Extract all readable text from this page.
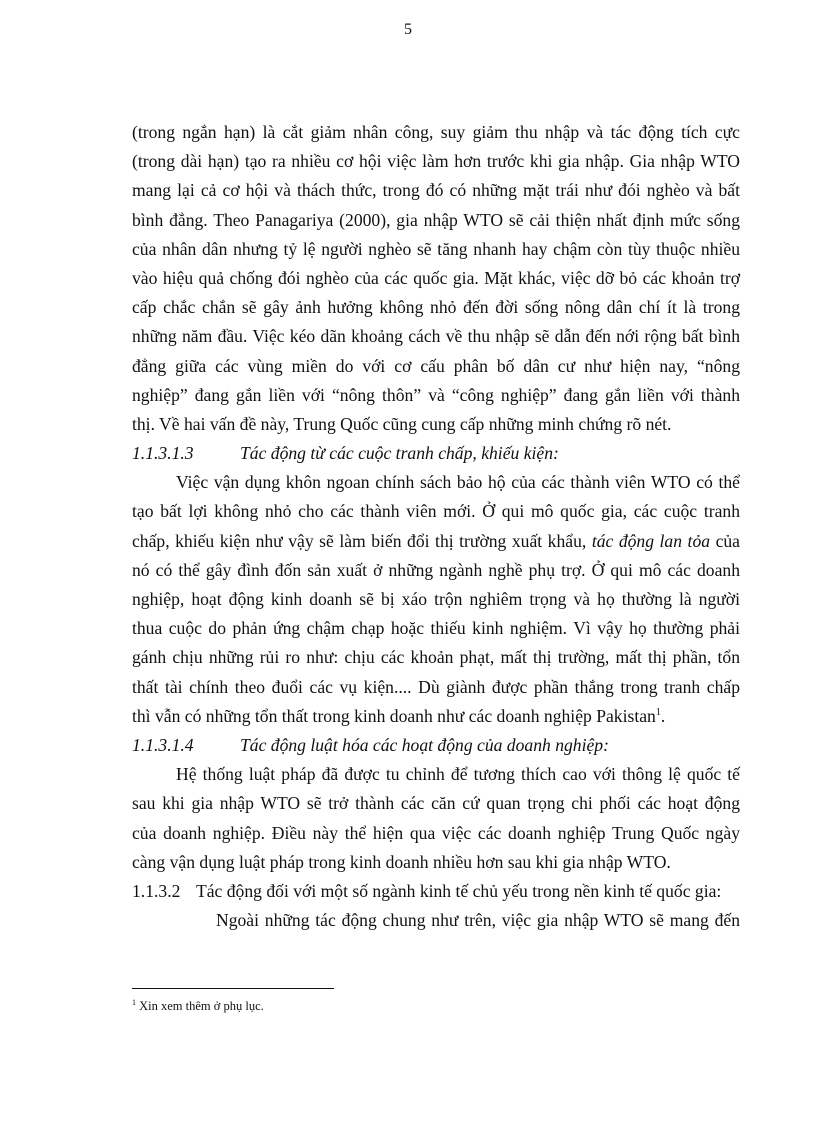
5
(trong ngắn hạn) là cắt giảm nhân công, suy giảm thu nhập và tác động tích cực
(trong dài hạn) tạo ra nhiều cơ hội việc làm hơn trước khi gia nhập. Gia nhập WTO
mang lại cả cơ hội và thách thức, trong đó có những mặt trái như đói nghèo và bất
bình đẳng. Theo Panagariya (2000), gia nhập WTO sẽ cải thiện nhất định mức sống
của nhân dân nhưng tỷ lệ người nghèo sẽ tăng nhanh hay chậm còn tùy thuộc nhiều
vào hiệu quả chống đói nghèo của các quốc gia. Mặt khác, việc dỡ bỏ các khoản trợ
cấp chắc chắn sẽ gây ảnh hưởng không nhỏ đến đời sống nông dân chí ít là trong
những năm đầu. Việc kéo dãn khoảng cách về thu nhập sẽ dẫn đến nới rộng bất bình
đẳng giữa các vùng miền do với cơ cấu phân bố dân cư như hiện nay, “nông
nghiệp” đang gắn liền với “nông thôn” và “công nghiệp” đang gắn liền với thành
thị. Về hai vấn đề này, Trung Quốc cũng cung cấp những minh chứng rõ nét.
1.1.3.1.3	Tác động từ các cuộc tranh chấp, khiếu kiện:
Việc vận dụng khôn ngoan chính sách bảo hộ của các thành viên WTO có thể
tạo bất lợi không nhỏ cho các thành viên mới. Ở qui mô quốc gia, các cuộc tranh
chấp, khiếu kiện như vậy sẽ làm biến đổi thị trường xuất khẩu, tác động lan tỏa của
nó có thể gây đình đốn sản xuất ở những ngành nghề phụ trợ. Ở qui mô các doanh
nghiệp, hoạt động kinh doanh sẽ bị xáo trộn nghiêm trọng và họ thường là người
thua cuộc do phản ứng chậm chạp hoặc thiếu kinh nghiệm. Vì vậy họ thường phải
gánh chịu những rủi ro như: chịu các khoản phạt, mất thị trường, mất thị phần, tổn
thất tài chính theo đuổi các vụ kiện.... Dù giành được phần thắng trong tranh chấp
thì vẫn có những tổn thất trong kinh doanh như các doanh nghiệp Pakistan$^1$.
1.1.3.1.4	Tác động luật hóa các hoạt động của doanh nghiệp:
Hệ thống luật pháp đã được tu chỉnh để tương thích cao với thông lệ quốc tế
sau khi gia nhập WTO sẽ trở thành các căn cứ quan trọng chi phối các hoạt động
của doanh nghiệp. Điều này thể hiện qua việc các doanh nghiệp Trung Quốc ngày
càng vận dụng luật pháp trong kinh doanh nhiều hơn sau khi gia nhập WTO.
1.1.3.2 Tác động đối với một số ngành kinh tế chủ yếu trong nền kinh tế quốc gia:
Ngoài những tác động chung như trên, việc gia nhập WTO sẽ mang đến
$^1$ Xin xem thêm ở phụ lục.
